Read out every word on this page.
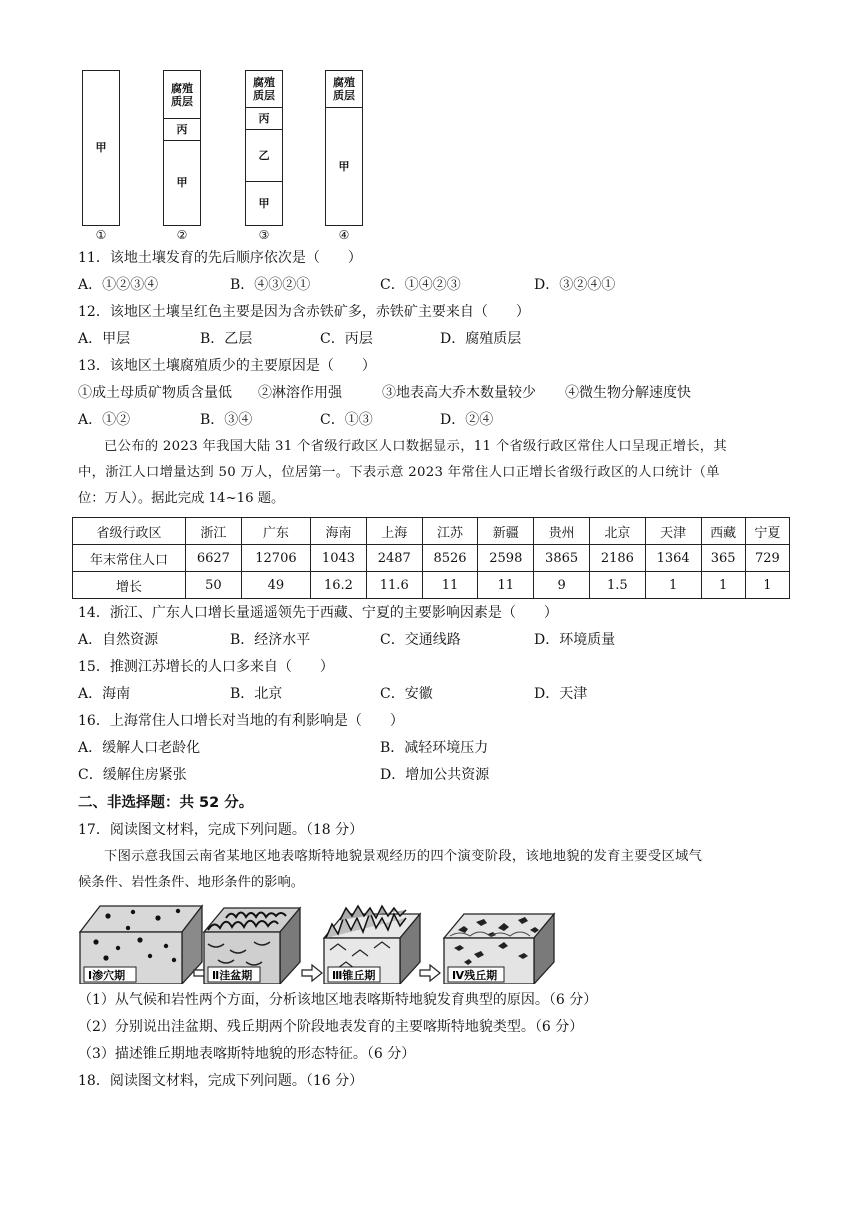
甲
①
腐殖质层
丙
甲
②
腐殖质层
丙
乙
甲
③
腐殖质层
甲
④
11．该地土壤发育的先后顺序依次是（　　）
A．①②③④	B．④③②①	C．①④②③	D．③②④①
12．该地区土壤呈红色主要是因为含赤铁矿多，赤铁矿主要来自（　　）
A．甲层	B．乙层	C．丙层	D．腐殖质层
13．该地区土壤腐殖质少的主要原因是（　　）
①成土母质矿物质含量低 ②淋溶作用强	③地表高大乔木数量较少 ④微生物分解速度快
A．①②	B．③④	C．①③	D．②④
已公布的 2023 年我国大陆 31 个省级行政区人口数据显示，11 个省级行政区常住人口呈现正增长，其
中，浙江人口增量达到 50 万人，位居第一。下表示意 2023 年常住人口正增长省级行政区的人口统计（单
位：万人）。据此完成 14~16 题。
省级行政区	浙江	广东	海南	上海	江苏	新疆	贵州	北京	天津	西藏	宁夏
年末常住人口	6627	12706	1043	2487	8526	2598	3865	2186	1364	365	729
增长	50	49	16.2	11.6	11	11	9	1.5	1	1	1
14．浙江、广东人口增长量遥遥领先于西藏、宁夏的主要影响因素是（　　）
A．自然资源	B．经济水平	C．交通线路	D．环境质量
15．推测江苏增长的人口多来自（　　）
A．海南	B．北京	C．安徽	D．天津
16．上海常住人口增长对当地的有利影响是（　　）
A．缓解人口老龄化	B．减轻环境压力
C．缓解住房紧张	D．增加公共资源
二、非选择题：共 52 分。
17．阅读图文材料，完成下列问题。（18 分）
下图示意我国云南省某地区地表喀斯特地貌景观经历的四个演变阶段，该地地貌的发育主要受区域气
候条件、岩性条件、地形条件的影响。
Ⅰ渗穴期	Ⅱ洼盆期	Ⅲ锥丘期	Ⅳ残丘期
（1）从气候和岩性两个方面，分析该地区地表喀斯特地貌发育典型的原因。（6 分）
（2）分别说出洼盆期、残丘期两个阶段地表发育的主要喀斯特地貌类型。（6 分）
（3）描述锥丘期地表喀斯特地貌的形态特征。（6 分）
18．阅读图文材料，完成下列问题。（16 分）
